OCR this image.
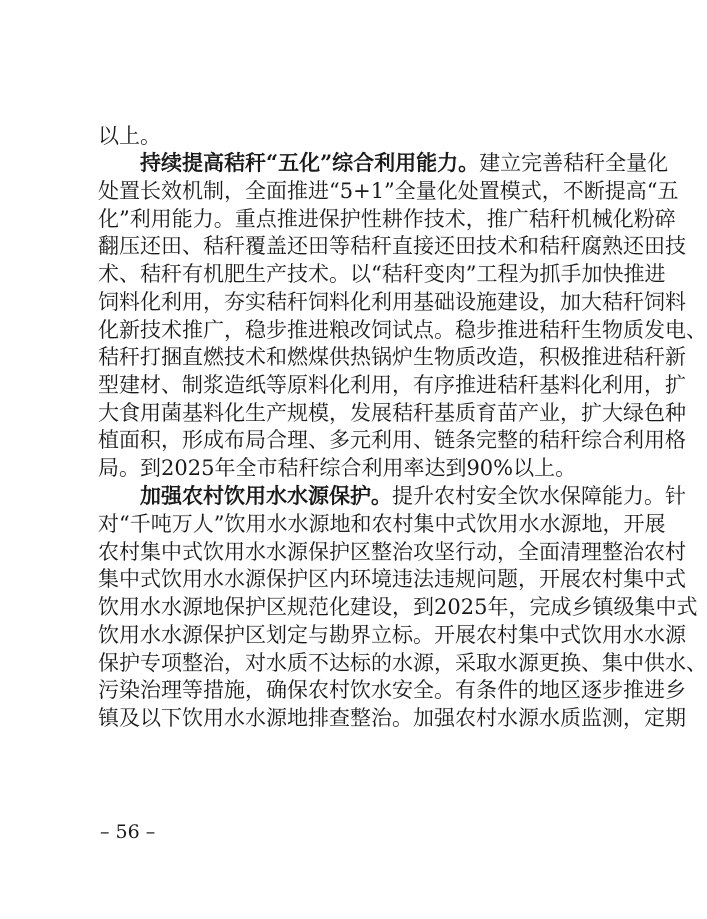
以上。
持续提高秸秆“五化”综合利用能力。建立完善秸秆全量化
处置长效机制，全面推进“5+1”全量化处置模式，不断提高“五
化”利用能力。重点推进保护性耕作技术，推广秸秆机械化粉碎
翻压还田、秸秆覆盖还田等秸秆直接还田技术和秸秆腐熟还田技
术、秸秆有机肥生产技术。以“秸秆变肉”工程为抓手加快推进
饲料化利用，夯实秸秆饲料化利用基础设施建设，加大秸秆饲料
化新技术推广，稳步推进粮改饲试点。稳步推进秸秆生物质发电、
秸秆打捆直燃技术和燃煤供热锅炉生物质改造，积极推进秸秆新
型建材、制浆造纸等原料化利用，有序推进秸秆基料化利用，扩
大食用菌基料化生产规模，发展秸秆基质育苗产业，扩大绿色种
植面积，形成布局合理、多元利用、链条完整的秸秆综合利用格
局。到2025年全市秸秆综合利用率达到90%以上。
加强农村饮用水水源保护。提升农村安全饮水保障能力。针
对“千吨万人”饮用水水源地和农村集中式饮用水水源地，开展
农村集中式饮用水水源保护区整治攻坚行动，全面清理整治农村
集中式饮用水水源保护区内环境违法违规问题，开展农村集中式
饮用水水源地保护区规范化建设，到2025年，完成乡镇级集中式
饮用水水源保护区划定与勘界立标。开展农村集中式饮用水水源
保护专项整治，对水质不达标的水源，采取水源更换、集中供水、
污染治理等措施，确保农村饮水安全。有条件的地区逐步推进乡
镇及以下饮用水水源地排查整治。加强农村水源水质监测，定期
– 56 –
